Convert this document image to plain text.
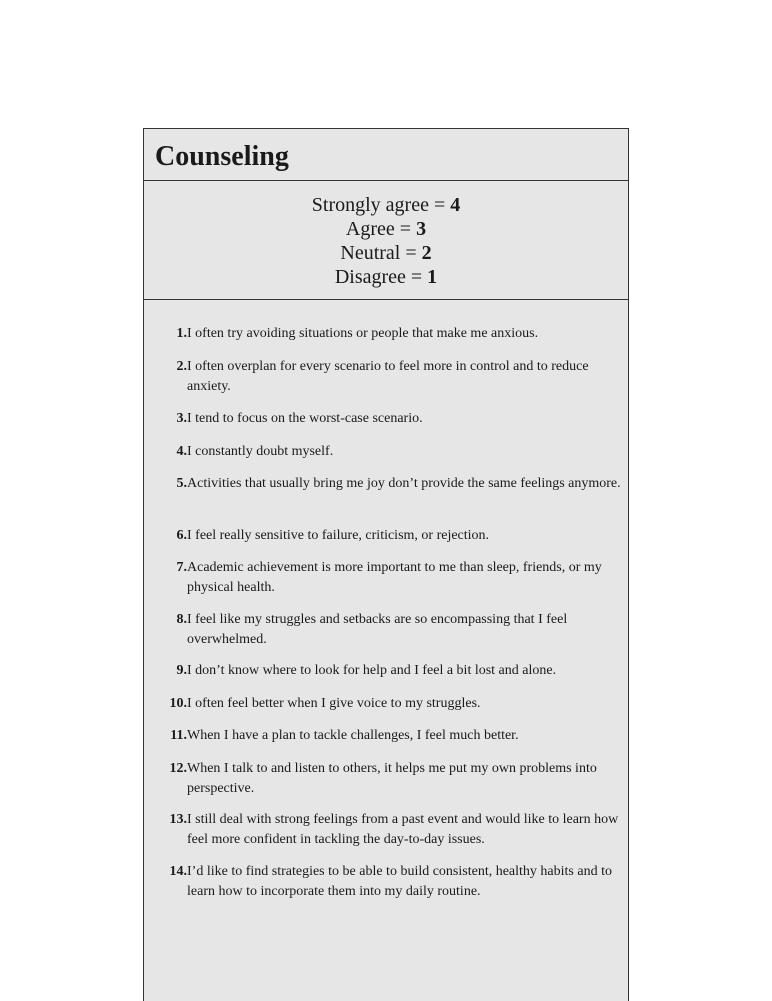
Counseling
Strongly agree = 4
Agree = 3
Neutral = 2
Disagree = 1
1. I often try avoiding situations or people that make me anxious.
2. I often overplan for every scenario to feel more in control and to reduce anxiety.
3. I tend to focus on the worst-case scenario.
4. I constantly doubt myself.
5. Activities that usually bring me joy don’t provide the same feelings anymore.
6. I feel really sensitive to failure, criticism, or rejection.
7. Academic achievement is more important to me than sleep, friends, or my physical health.
8. I feel like my struggles and setbacks are so encompassing that I feel overwhelmed.
9. I don’t know where to look for help and I feel a bit lost and alone.
10. I often feel better when I give voice to my struggles.
11. When I have a plan to tackle challenges, I feel much better.
12. When I talk to and listen to others, it helps me put my own problems into perspective.
13. I still deal with strong feelings from a past event and would like to learn how feel more confident in tackling the day-to-day issues.
14. I’d like to find strategies to be able to build consistent, healthy habits and to learn how to incorporate them into my daily routine.
